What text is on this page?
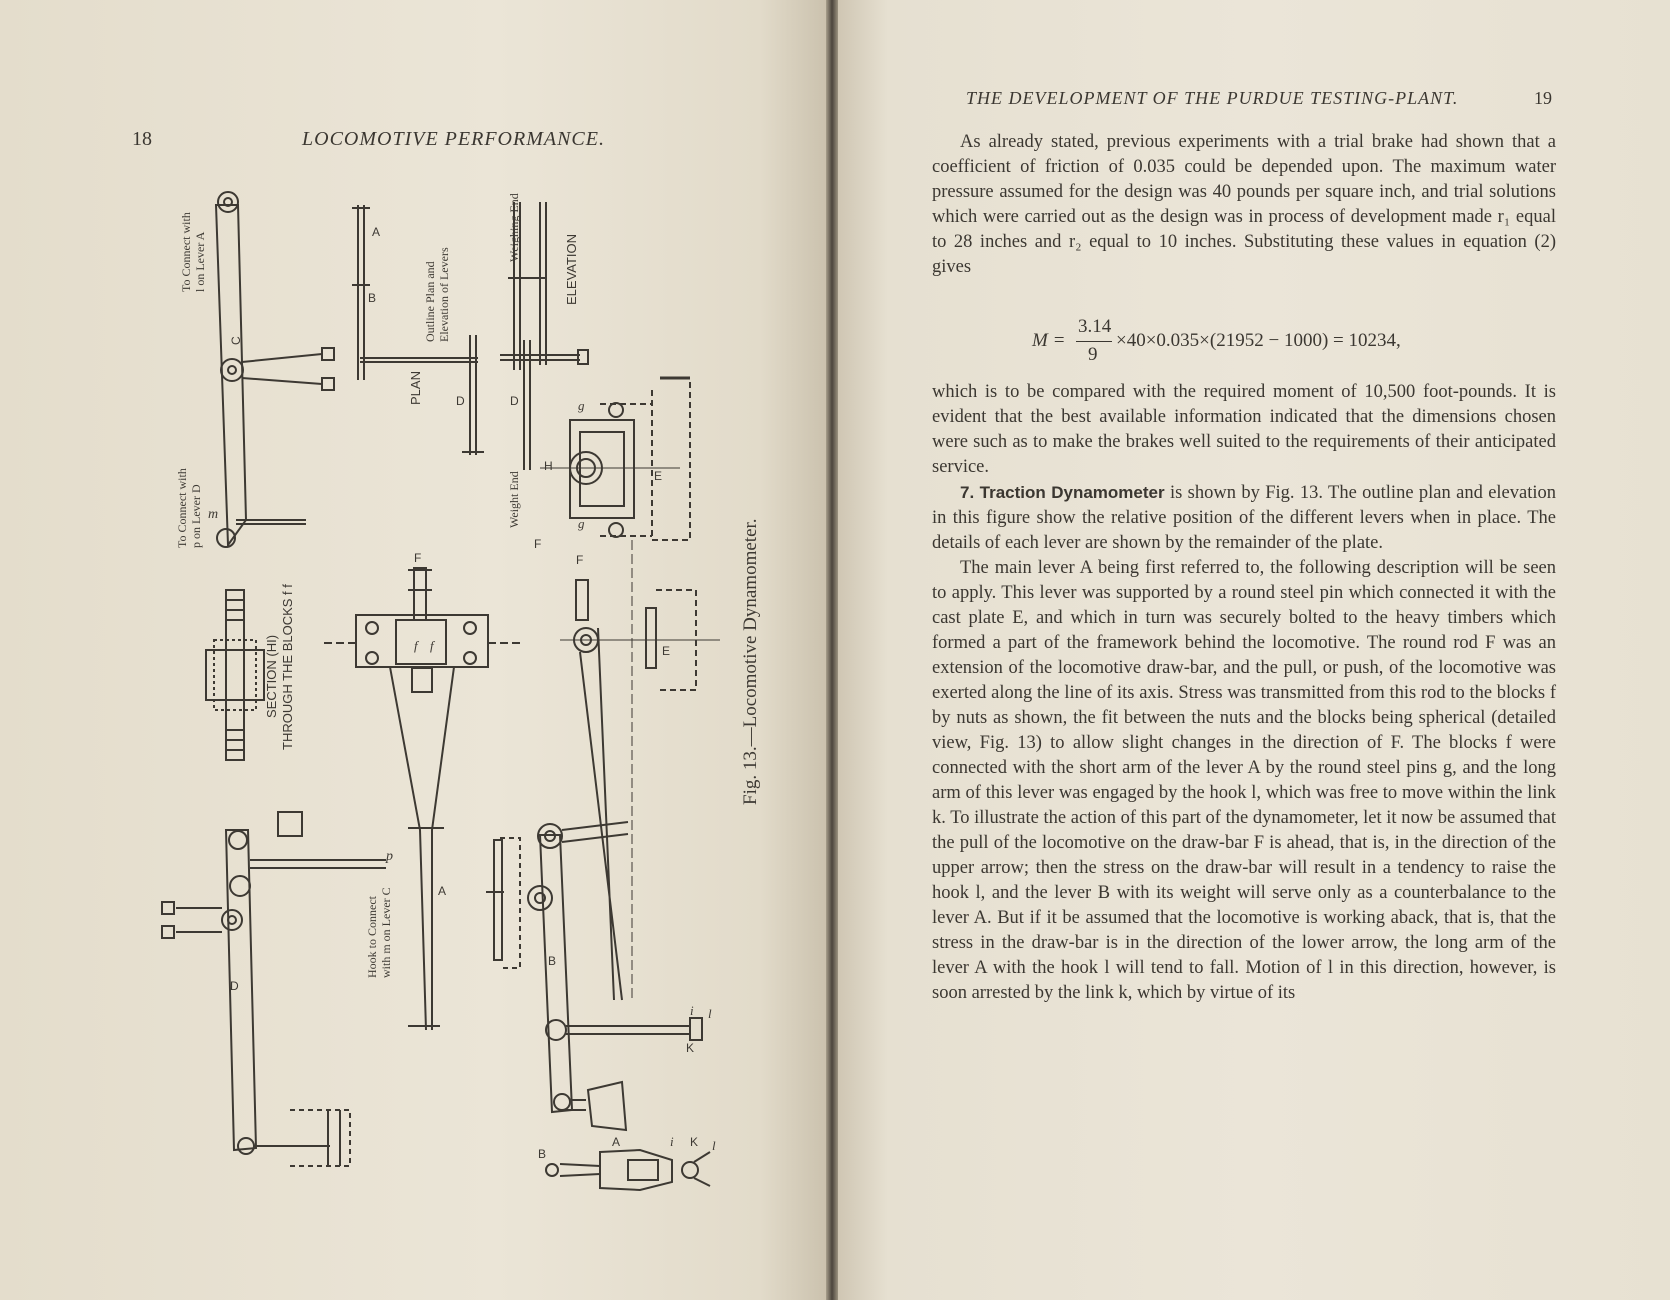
18	LOCOMOTIVE PERFORMANCE.
Fig. 13.—Locomotive Dynamometer.
C
To Connect with l on Lever A
To Connect with p on Lever D m
Outline Plan and Elevation of Levers
Weighing End
ELEVATION
PLAN
Weight End
A
B
D	D
H
E
g
g
F
SECTION (HI) THROUGH THE BLOCKS f f
F
f f
A
E
F
D
p
Hook to Connect with m on Lever C	B
K
i l
B
A	K
i	l
THE DEVELOPMENT OF THE PURDUE TESTING-PLANT.	19

As already stated, previous experiments with a trial brake had shown that a coefficient of friction of 0.035 could be depended upon. The maximum water pressure assumed for the design was 40 pounds per square inch, and trial solutions which were carried out as the design was in process of development made r₁ equal to 28 inches and r₂ equal to 10 inches. Substituting these values in equation (2) gives

M =
3.14
9
×40×0.035×(21952 − 1000) = 10234,

which is to be compared with the required moment of 10,500 foot-pounds. It is evident that the best available information indicated that the dimensions chosen were such as to make the brakes well suited to the requirements of their anticipated service.

7. Traction Dynamometer is shown by Fig. 13. The outline plan and elevation in this figure show the relative position of the different levers when in place. The details of each lever are shown by the remainder of the plate.

The main lever A being first referred to, the following description will be seen to apply. This lever was supported by a round steel pin which connected it with the cast plate E, and which in turn was securely bolted to the heavy timbers which formed a part of the framework behind the locomotive. The round rod F was an extension of the locomotive draw-bar, and the pull, or push, of the locomotive was exerted along the line of its axis. Stress was transmitted from this rod to the blocks f by nuts as shown, the fit between the nuts and the blocks being spherical (detailed view, Fig. 13) to allow slight changes in the direction of F. The blocks f were connected with the short arm of the lever A by the round steel pins g, and the long arm of this lever was engaged by the hook l, which was free to move within the link k. To illustrate the action of this part of the dynamometer, let it now be assumed that the pull of the locomotive on the draw-bar F is ahead, that is, in the direction of the upper arrow; then the stress on the draw-bar will result in a tendency to raise the hook l, and the lever B with its weight will serve only as a counterbalance to the lever A. But if it be assumed that the locomotive is working aback, that is, that the stress in the draw-bar is in the direction of the lower arrow, the long arm of the lever A with the hook l will tend to fall. Motion of l in this direction, however, is soon arrested by the link k, which by virtue of its
